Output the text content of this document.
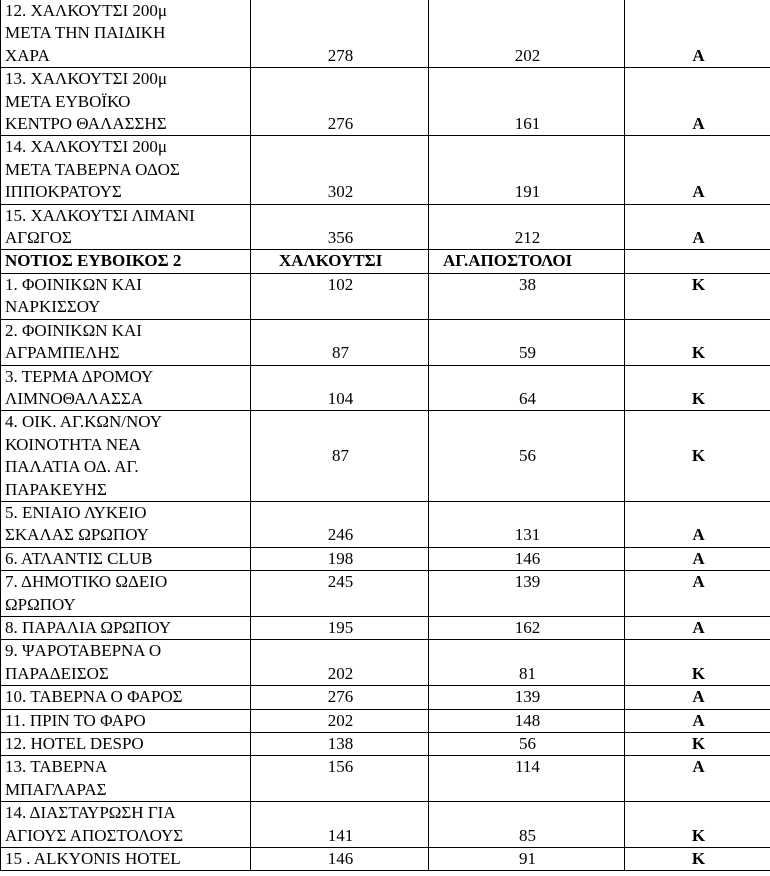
12. ΧΑΛΚΟΥΤΣΙ 200μ
ΜΕΤΑ ΤΗΝ ΠΑΙΔΙΚΗ
ΧΑΡΑ	278	202	Α
13. ΧΑΛΚΟΥΤΣΙ 200μ
ΜΕΤΑ ΕΥΒΟΪΚΟ
ΚΕΝΤΡΟ ΘΑΛΑΣΣΗΣ	276	161	Α
14. ΧΑΛΚΟΥΤΣΙ 200μ
ΜΕΤΑ ΤΑΒΕΡΝΑ ΟΔΟΣ
ΙΠΠΟΚΡΑΤΟΥΣ	302	191	Α
15. ΧΑΛΚΟΥΤΣΙ ΛΙΜΑΝΙ
ΑΓΩΓΟΣ	356	212	Α
ΝΟΤΙΟΣ ΕΥΒΟΙΚΟΣ 2	ΧΑΛΚΟΥΤΣΙ	ΑΓ.ΑΠΟΣΤΟΛΟΙ	
1. ΦΟΙΝΙΚΩΝ ΚΑΙ
ΝΑΡΚΙΣΣΟΥ	102	38	Κ
2. ΦΟΙΝΙΚΩΝ ΚΑΙ
ΑΓΡΑΜΠΕΛΗΣ	87	59	Κ
3. ΤΕΡΜΑ ΔΡΟΜΟΥ
ΛΙΜΝΟΘΑΛΑΣΣΑ	104	64	Κ
4. ΟΙΚ. ΑΓ.ΚΩΝ/ΝΟΥ
ΚΟΙΝΟΤΗΤΑ ΝΕΑ
ΠΑΛΑΤΙΑ ΟΔ. ΑΓ.
ΠΑΡΑΚΕΥΗΣ	87	56	Κ
5. ΕΝΙΑΙΟ ΛΥΚΕΙΟ
ΣΚΑΛΑΣ ΩΡΩΠΟΥ	246	131	Α
6. ΑΤΛΑΝΤΙΣ CLUB	198	146	Α
7. ΔΗΜΟΤΙΚΟ ΩΔΕΙΟ
ΩΡΩΠΟΥ	245	139	Α
8. ΠΑΡΑΛΙΑ ΩΡΩΠΟΥ	195	162	Α
9. ΨΑΡΟΤΑΒΕΡΝΑ Ο
ΠΑΡΑΔΕΙΣΟΣ	202	81	Κ
10. ΤΑΒΕΡΝΑ Ο ΦΑΡΟΣ	276	139	Α
11. ΠΡΙΝ ΤΟ ΦΑΡΟ	202	148	Α
12. HOTEL DESPO	138	56	Κ
13. ΤΑΒΕΡΝΑ
ΜΠΑΓΛΑΡΑΣ	156	114	Α
14. ΔΙΑΣΤΑΥΡΩΣΗ ΓΙΑ
ΑΓΙΟΥΣ ΑΠΟΣΤΟΛΟΥΣ	141	85	Κ
15 . ALKYONIS HOTEL	146	91	Κ
